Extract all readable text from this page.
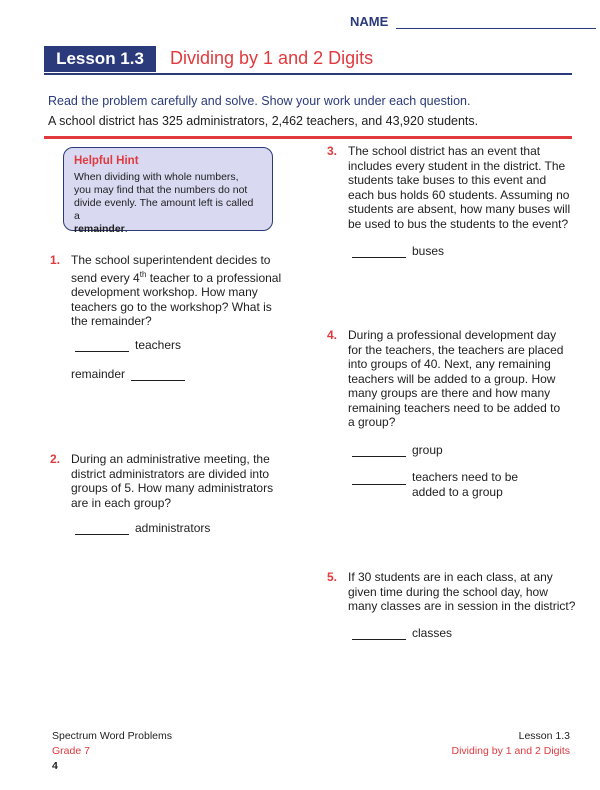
NAME
Lesson 1.3	Dividing by 1 and 2 Digits
Read the problem carefully and solve. Show your work under each question.
A school district has 325 administrators, 2,462 teachers, and 43,920 students.
Helpful Hint
When dividing with whole numbers,
you may find that the numbers do not
divide evenly. The amount left is called a
remainder.
1. The school superintendent decides to
send every 4th teacher to a professional
development workshop. How many
teachers go to the workshop? What is
the remainder?
teachers
remainder
2. During an administrative meeting, the
district administrators are divided into
groups of 5. How many administrators
are in each group?
administrators
3. The school district has an event that
includes every student in the district. The
students take buses to this event and
each bus holds 60 students. Assuming no
students are absent, how many buses will
be used to bus the students to the event?
buses
4. During a professional development day
for the teachers, the teachers are placed
into groups of 40. Next, any remaining
teachers will be added to a group. How
many groups are there and how many
remaining teachers need to be added to
a group?
group
teachers need to be
added to a group
5. If 30 students are in each class, at any
given time during the school day, how
many classes are in session in the district?
classes
Spectrum Word Problems
Grade 7
4
Lesson 1.3
Dividing by 1 and 2 Digits
